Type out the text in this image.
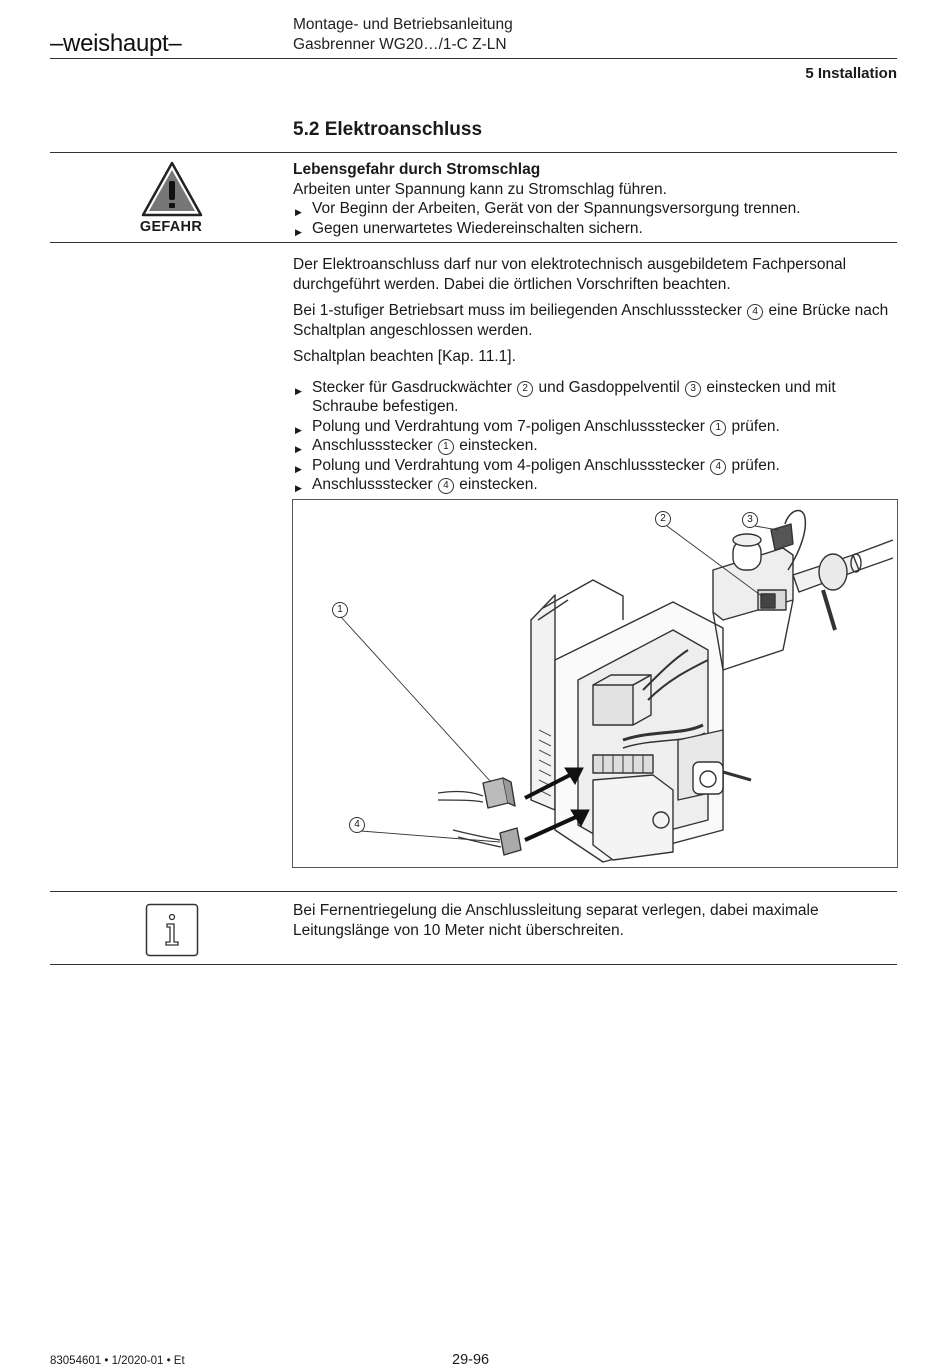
–weishaupt–
Montage- und Betriebsanleitung
Gasbrenner WG20…/1-C Z-LN
5 Installation
5.2 Elektroanschluss
GEFAHR
Lebensgefahr durch Stromschlag
Arbeiten unter Spannung kann zu Stromschlag führen.
▶ Vor Beginn der Arbeiten, Gerät von der Spannungsversorgung trennen.
▶ Gegen unerwartetes Wiedereinschalten sichern.

Der Elektroanschluss darf nur von elektrotechnisch ausgebildetem Fachpersonal durchgeführt werden. Dabei die örtlichen Vorschriften beachten.

Bei 1-stufiger Betriebsart muss im beiliegenden Anschlussstecker 4 eine Brücke nach Schaltplan angeschlossen werden.

Schaltplan beachten [Kap. 11.1].

▶ Stecker für Gasdruckwächter 2 und Gasdoppelventil 3 einstecken und mit Schraube befestigen.
▶ Polung und Verdrahtung vom 7-poligen Anschlussstecker 1 prüfen.
▶ Anschlussstecker 1 einstecken.
▶ Polung und Verdrahtung vom 4-poligen Anschlussstecker 4 prüfen.
▶ Anschlussstecker 4 einstecken.
1
2	3
4
Bei Fernentriegelung die Anschlussleitung separat verlegen, dabei maximale Leitungslänge von 10 Meter nicht überschreiten.
83054601 • 1/2020-01 • Et	29-96
